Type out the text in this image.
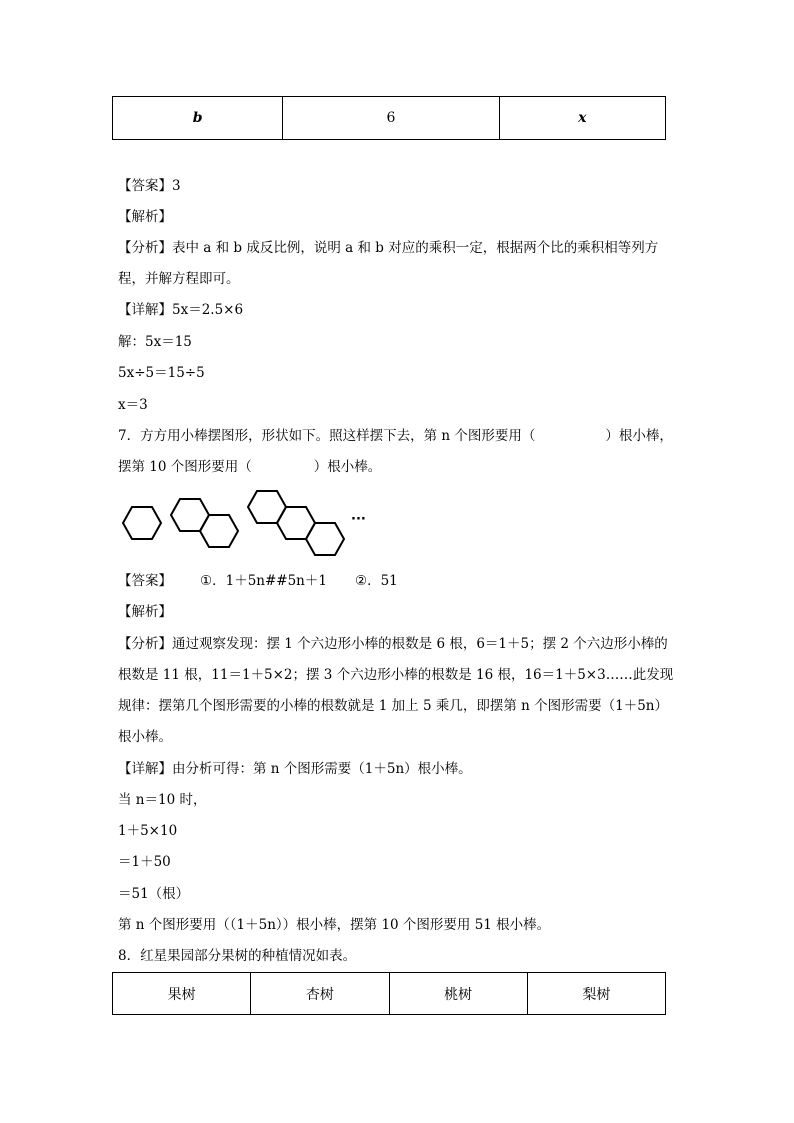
b	6	x
【答案】3
【解析】
【分析】表中 a 和 b 成反比例，说明 a 和 b 对应的乘积一定，根据两个比的乘积相等列方
程，并解方程即可。
【详解】5x＝2.5×6
解：5x＝15
5x÷5＝15÷5
x＝3
7．方方用小棒摆图形，形状如下。照这样摆下去，第 n 个图形要用（	）根小棒，
摆第 10 个图形要用（	）根小棒。
···
【答案】 ①．1＋5n##5n＋1 ②．51
【解析】
【分析】通过观察发现：摆 1 个六边形小棒的根数是 6 根，6＝1＋5；摆 2 个六边形小棒的
根数是 11 根，11＝1＋5×2；摆 3 个六边形小棒的根数是 16 根，16＝1＋5×3……此发现
规律：摆第几个图形需要的小棒的根数就是 1 加上 5 乘几，即摆第 n 个图形需要（1＋5n）
根小棒。
【详解】由分析可得：第 n 个图形需要（1＋5n）根小棒。
当 n＝10 时，
1＋5×10
＝1＋50
＝51（根）
第 n 个图形要用（（1＋5n））根小棒，摆第 10 个图形要用 51 根小棒。
8．红星果园部分果树的种植情况如表。
果树	杏树	桃树	梨树
